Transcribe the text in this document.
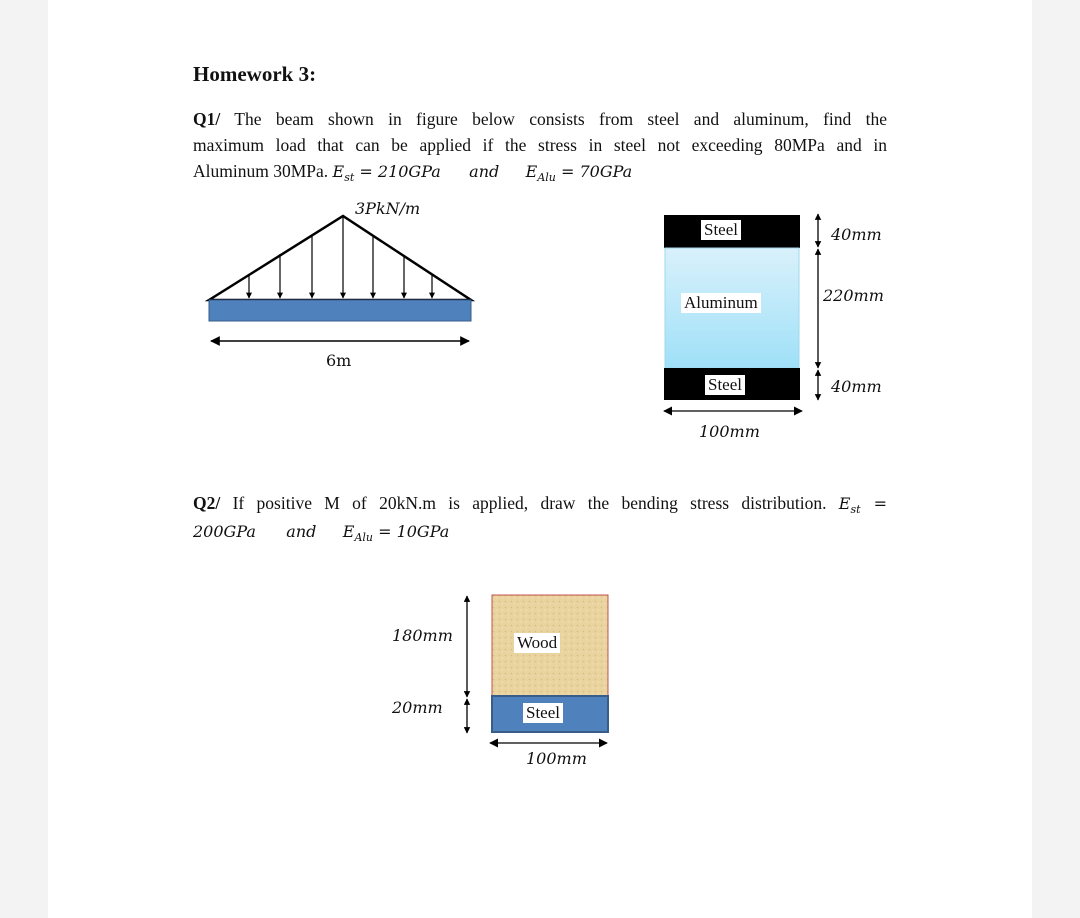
Homework 3:
Q1/ The beam shown in figure below consists from steel and aluminum, find the
maximum load that can be applied if the stress in steel not exceeding 80MPa and in
Aluminum 30MPa. $E_{st} = 210GPa$ and $E_{Alu} = 70GPa$
3PkN/m
6m
Steel
Aluminum
Steel
40mm
220mm
40mm
100mm
Q2/ If positive M of 20kN.m is applied, draw the bending stress distribution. $E_{st}$ =
200GPa and $E_{Alu} = 10GPa$
Wood
Steel
180mm
20mm
100mm
